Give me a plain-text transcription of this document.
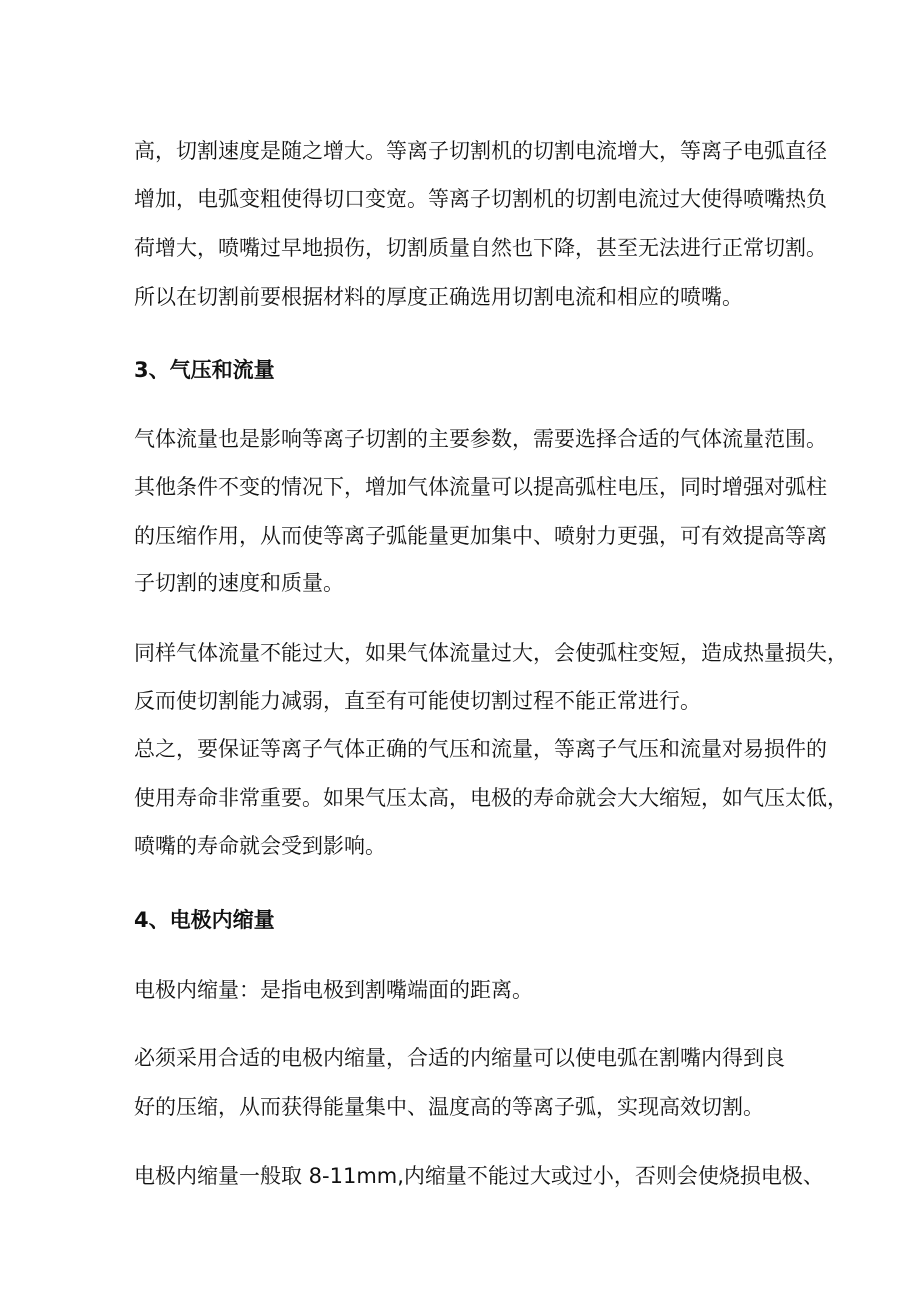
高，切割速度是随之增大。等离子切割机的切割电流增大，等离子电弧直径
增加，电弧变粗使得切口变宽。等离子切割机的切割电流过大使得喷嘴热负
荷增大，喷嘴过早地损伤，切割质量自然也下降，甚至无法进行正常切割。
所以在切割前要根据材料的厚度正确选用切割电流和相应的喷嘴。
3、气压和流量
气体流量也是影响等离子切割的主要参数，需要选择合适的气体流量范围。
其他条件不变的情况下，增加气体流量可以提高弧柱电压，同时增强对弧柱
的压缩作用，从而使等离子弧能量更加集中、喷射力更强，可有效提高等离
子切割的速度和质量。
同样气体流量不能过大，如果气体流量过大，会使弧柱变短，造成热量损失，
反而使切割能力减弱，直至有可能使切割过程不能正常进行。
总之，要保证等离子气体正确的气压和流量，等离子气压和流量对易损件的
使用寿命非常重要。如果气压太高，电极的寿命就会大大缩短，如气压太低，
喷嘴的寿命就会受到影响。
4、电极内缩量
电极内缩量：是指电极到割嘴端面的距离。
必须采用合适的电极内缩量，合适的内缩量可以使电弧在割嘴内得到良
好的压缩，从而获得能量集中、温度高的等离子弧，实现高效切割。
电极内缩量一般取 8-11mm,内缩量不能过大或过小，否则会使烧损电极、
